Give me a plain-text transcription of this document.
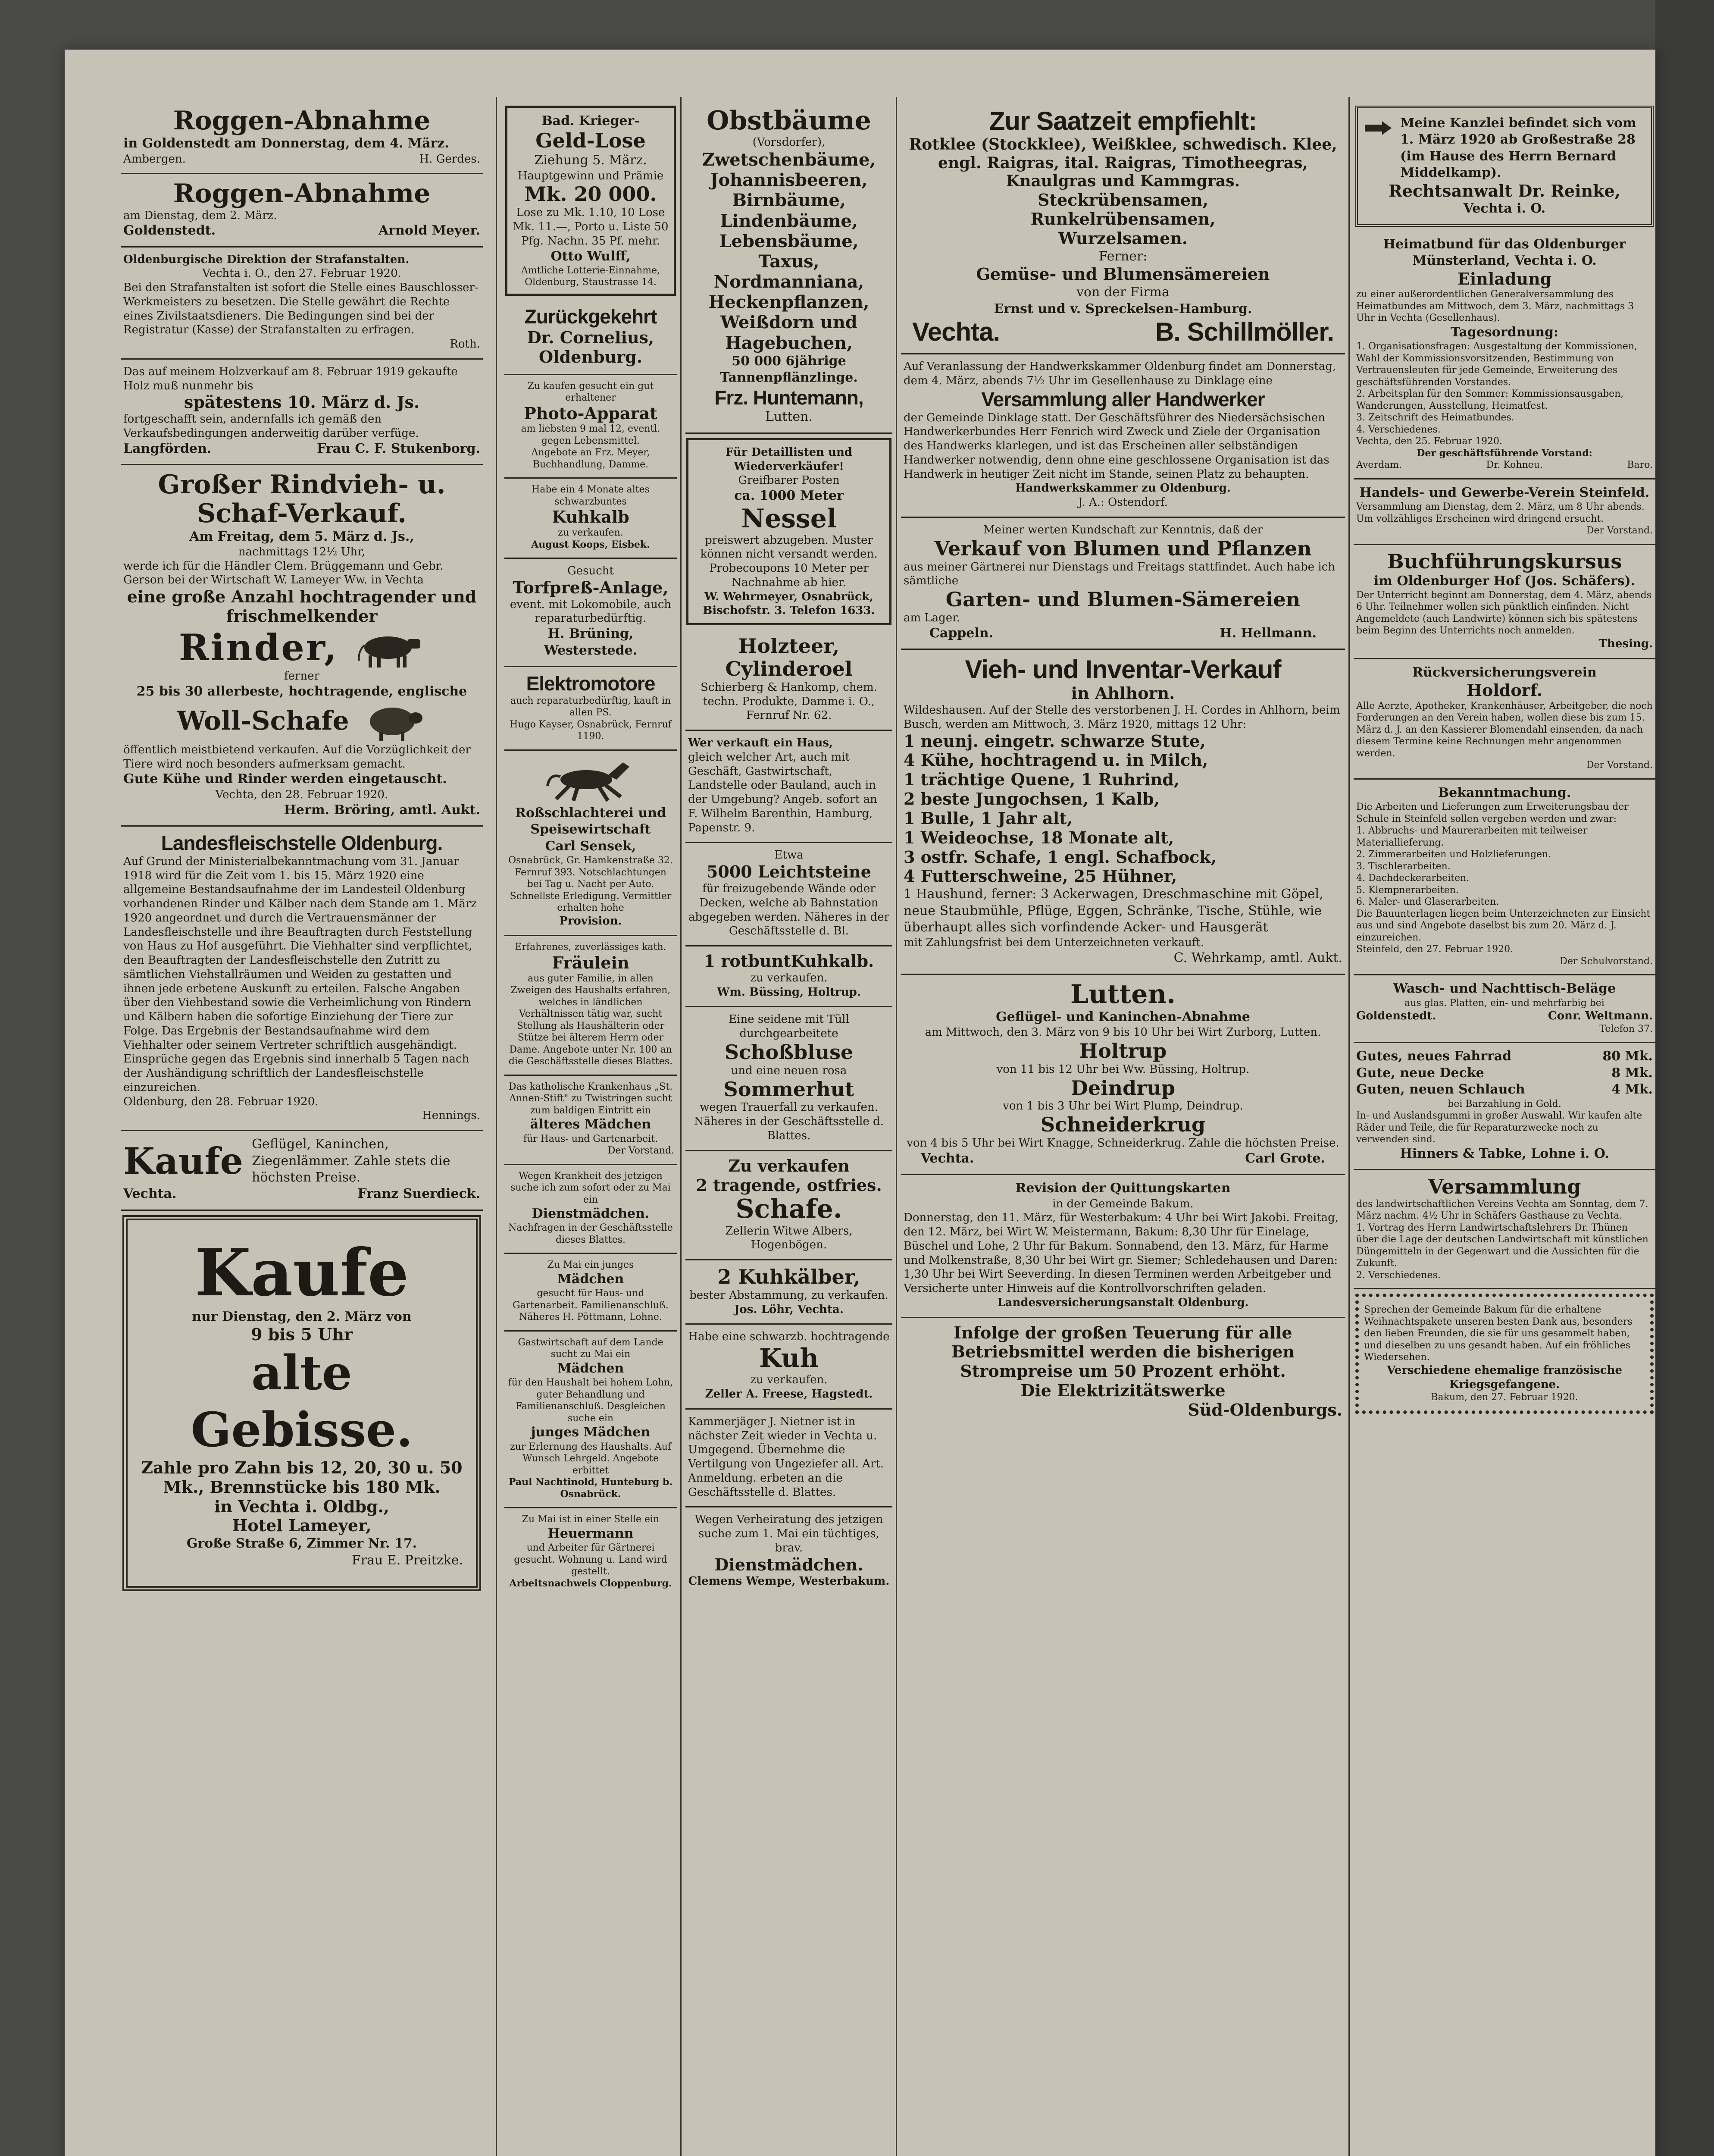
Roggen-Abnahme
in Goldenstedt am Donnerstag, dem 4. März.
Ambergen.	H. Gerdes.
Roggen-Abnahme
am Dienstag, dem 2. März.
Goldenstedt.	Arnold Meyer.
Oldenburgische Direktion der Strafanstalten.
Vechta i. O., den 27. Februar 1920.
Bei den Strafanstalten ist sofort die Stelle eines Bauschlosser-Werkmeisters zu besetzen. Die Stelle gewährt die Rechte eines Zivilstaatsdieners. Die Bedingungen sind bei der Registratur (Kasse) der Strafanstalten zu erfragen.
Roth.
Das auf meinem Holzverkauf am 8. Februar 1919 gekaufte Holz muß nunmehr bis
spätestens 10. März d. Js.
fortgeschafft sein, andernfalls ich gemäß den Verkaufsbedingungen anderweitig darüber verfüge.
Langförden.	Frau C. F. Stukenborg.
Großer Rindvieh- u.
Schaf-Verkauf.
Am Freitag, dem 5. März d. Js.,
nachmittags 12½ Uhr,
werde ich für die Händler Clem. Brüggemann und Gebr. Gerson bei der Wirtschaft W. Lameyer Ww. in Vechta
eine große Anzahl hochtragender und frischmelkender
Rinder,
ferner
25 bis 30 allerbeste, hochtragende, englische
Woll-Schafe
öffentlich meistbietend verkaufen. Auf die Vorzüglichkeit der Tiere wird noch besonders aufmerksam gemacht.
Gute Kühe und Rinder werden eingetauscht.
Vechta, den 28. Februar 1920.
Herm. Bröring, amtl. Aukt.
Landesfleischstelle Oldenburg.
Auf Grund der Ministerialbekanntmachung vom 31. Januar 1918 wird für die Zeit vom 1. bis 15. März 1920 eine allgemeine Bestandsaufnahme der im Landesteil Oldenburg vorhandenen Rinder und Kälber nach dem Stande am 1. März 1920 angeordnet und durch die Vertrauensmänner der Landesfleischstelle und ihre Beauftragten durch Feststellung von Haus zu Hof ausgeführt. Die Viehhalter sind verpflichtet, den Beauftragten der Landesfleischstelle den Zutritt zu sämtlichen Viehstallräumen und Weiden zu gestatten und ihnen jede erbetene Auskunft zu erteilen. Falsche Angaben über den Viehbestand sowie die Verheimlichung von Rindern und Kälbern haben die sofortige Einziehung der Tiere zur Folge. Das Ergebnis der Bestandsaufnahme wird dem Viehhalter oder seinem Vertreter schriftlich ausgehändigt. Einsprüche gegen das Ergebnis sind innerhalb 5 Tagen nach der Aushändigung schriftlich der Landesfleischstelle einzureichen.
Oldenburg, den 28. Februar 1920.
Hennings.
Kaufe Geflügel, Kaninchen, Ziegenlämmer. Zahle stets die höchsten Preise.
Vechta.	Franz Suerdieck.
Kaufe
nur Dienstag, den 2. März von
9 bis 5 Uhr
alte Gebisse.
Zahle pro Zahn bis 12, 20, 30 u. 50 Mk., Brennstücke bis 180 Mk.
in Vechta i. Oldbg.,
Hotel Lameyer,
Große Straße 6, Zimmer Nr. 17.
Frau E. Preitzke.
Bad. Krieger-
Geld-Lose
Ziehung 5. März.
Hauptgewinn und Prämie
Mk. 20 000.
Lose zu Mk. 1.10, 10 Lose Mk. 11.—, Porto u. Liste 50 Pfg. Nachn. 35 Pf. mehr.
Otto Wulff,
Amtliche Lotterie-Einnahme, Oldenburg, Staustrasse 14.
Zurückgekehrt
Dr. Cornelius,
Oldenburg.
Zu kaufen gesucht ein gut erhaltener
Photo-Apparat
am liebsten 9 mal 12, eventl. gegen Lebensmittel.
Angebote an Frz. Meyer, Buchhandlung, Damme.
Habe ein 4 Monate altes schwarzbuntes
Kuhkalb
zu verkaufen.
August Koops, Eisbek.
Gesucht
Torfpreß-Anlage,
event. mit Lokomobile, auch reparaturbedürftig.
H. Brüning,
Westerstede.
Elektromotore
auch reparaturbedürftig, kauft in allen PS.
Hugo Kayser, Osnabrück, Fernruf 1190.
Roßschlachterei und
Speisewirtschaft
Carl Sensek,
Osnabrück, Gr. Hamkenstraße 32. Fernruf 393. Notschlachtungen bei Tag u. Nacht per Auto. Schnellste Erledigung. Vermittler erhalten hohe
Provision.
Erfahrenes, zuverlässiges kath.
Fräulein
aus guter Familie, in allen Zweigen des Haushalts erfahren, welches in ländlichen Verhältnissen tätig war, sucht Stellung als Haushälterin oder Stütze bei älterem Herrn oder Dame. Angebote unter Nr. 100 an die Geschäftsstelle dieses Blattes.
Das katholische Krankenhaus „St. Annen-Stift" zu Twistringen sucht zum baldigen Eintritt ein
älteres Mädchen
für Haus- und Gartenarbeit.
Der Vorstand.
Wegen Krankheit des jetzigen suche ich zum sofort oder zu Mai ein
Dienstmädchen.
Nachfragen in der Geschäftsstelle dieses Blattes.
Zu Mai ein junges
Mädchen
gesucht für Haus- und Gartenarbeit. Familienanschluß.
Näheres H. Pöttmann, Lohne.
Gastwirtschaft auf dem Lande sucht zu Mai ein
Mädchen
für den Haushalt bei hohem Lohn, guter Behandlung und Familienanschluß. Desgleichen suche ein
junges Mädchen
zur Erlernung des Haushalts. Auf Wunsch Lehrgeld. Angebote erbittet
Paul Nachtinold, Hunteburg b. Osnabrück.
Zu Mai ist in einer Stelle ein
Heuermann
und Arbeiter für Gärtnerei gesucht. Wohnung u. Land wird gestellt.
Arbeitsnachweis Cloppenburg.
Obstbäume
(Vorsdorfer),
Zwetschenbäume, Johannisbeeren, Birnbäume, Lindenbäume, Lebensbäume, Taxus, Nordmanniana, Heckenpflanzen, Weißdorn und Hagebuchen,
50 000 6jährige Tannenpflänzlinge.
Frz. Huntemann,
Lutten.
Für Detaillisten und Wiederverkäufer!
Greifbarer Posten
ca. 1000 Meter
Nessel
preiswert abzugeben. Muster können nicht versandt werden. Probecoupons 10 Meter per Nachnahme ab hier.
W. Wehrmeyer, Osnabrück, Bischofstr. 3. Telefon 1633.
Holzteer,
Cylinderoel
Schierberg & Hankomp, chem. techn. Produkte, Damme i. O., Fernruf Nr. 62.
Wer verkauft ein Haus,
gleich welcher Art, auch mit Geschäft, Gastwirtschaft, Landstelle oder Bauland, auch in der Umgebung? Angeb. sofort an F. Wilhelm Barenthin, Hamburg, Papenstr. 9.
Etwa
5000 Leichtsteine
für freizugebende Wände oder Decken, welche ab Bahnstation abgegeben werden. Näheres in der Geschäftsstelle d. Bl.
1 rotbuntKuhkalb.
zu verkaufen.
Wm. Büssing, Holtrup.
Eine seidene mit Tüll durchgearbeitete
Schoßbluse
und eine neuen rosa
Sommerhut
wegen Trauerfall zu verkaufen.
Näheres in der Geschäftsstelle d. Blattes.
Zu verkaufen
2 tragende, ostfries.
Schafe.
Zellerin Witwe Albers, Hogenbögen.
2 Kuhkälber,
bester Abstammung, zu verkaufen.
Jos. Löhr, Vechta.
Habe eine schwarzb. hochtragende
Kuh
zu verkaufen.
Zeller A. Freese, Hagstedt.
Kammerjäger J. Nietner ist in nächster Zeit wieder in Vechta u. Umgegend. Übernehme die Vertilgung von Ungeziefer all. Art. Anmeldung. erbeten an die Geschäftsstelle d. Blattes.
Wegen Verheiratung des jetzigen suche zum 1. Mai ein tüchtiges, brav.
Dienstmädchen.
Clemens Wempe, Westerbakum.
Zur Saatzeit empfiehlt:
Rotklee (Stockklee), Weißklee, schwedisch. Klee, engl. Raigras, ital. Raigras, Timotheegras, Knaulgras und Kammgras.
Steckrübensamen,
Runkelrübensamen,
Wurzelsamen.
Ferner:
Gemüse- und Blumensämereien
von der Firma
Ernst und v. Spreckelsen-Hamburg.
Vechta.	B. Schillmöller.
Auf Veranlassung der Handwerkskammer Oldenburg findet am Donnerstag, dem 4. März, abends 7½ Uhr im Gesellenhause zu Dinklage eine
Versammlung aller Handwerker
der Gemeinde Dinklage statt. Der Geschäftsführer des Niedersächsischen Handwerkerbundes Herr Fenrich wird Zweck und Ziele der Organisation des Handwerks klarlegen, und ist das Erscheinen aller selbständigen Handwerker notwendig, denn ohne eine geschlossene Organisation ist das Handwerk in heutiger Zeit nicht im Stande, seinen Platz zu behaupten.
Handwerkskammer zu Oldenburg.
J. A.: Ostendorf.
Meiner werten Kundschaft zur Kenntnis, daß der
Verkauf von Blumen und Pflanzen
aus meiner Gärtnerei nur Dienstags und Freitags stattfindet. Auch habe ich sämtliche
Garten- und Blumen-Sämereien
am Lager.
Cappeln.	H. Hellmann.
Vieh- und Inventar-Verkauf
in Ahlhorn.
Wildeshausen. Auf der Stelle des verstorbenen J. H. Cordes in Ahlhorn, beim Busch, werden am Mittwoch, 3. März 1920, mittags 12 Uhr:
1 neunj. eingetr. schwarze Stute,
4 Kühe, hochtragend u. in Milch,
1 trächtige Quene, 1 Ruhrind,
2 beste Jungochsen, 1 Kalb,
1 Bulle, 1 Jahr alt,
1 Weideochse, 18 Monate alt,
3 ostfr. Schafe, 1 engl. Schafbock,
4 Futterschweine, 25 Hühner,
1 Haushund, ferner: 3 Ackerwagen, Dreschmaschine mit Göpel, neue Staubmühle, Pflüge, Eggen, Schränke, Tische, Stühle, wie überhaupt alles sich vorfindende Acker- und Hausgerät
mit Zahlungsfrist bei dem Unterzeichneten verkauft.
C. Wehrkamp, amtl. Aukt.
Lutten.
Geflügel- und Kaninchen-Abnahme
am Mittwoch, den 3. März von 9 bis 10 Uhr bei Wirt Zurborg, Lutten.
Holtrup
von 11 bis 12 Uhr bei Ww. Büssing, Holtrup.
Deindrup
von 1 bis 3 Uhr bei Wirt Plump, Deindrup.
Schneiderkrug
von 4 bis 5 Uhr bei Wirt Knagge, Schneiderkrug. Zahle die höchsten Preise.
Vechta.	Carl Grote.
Revision der Quittungskarten
in der Gemeinde Bakum.
Donnerstag, den 11. März, für Westerbakum: 4 Uhr bei Wirt Jakobi. Freitag, den 12. März, bei Wirt W. Meistermann, Bakum: 8,30 Uhr für Einelage, Büschel und Lohe, 2 Uhr für Bakum. Sonnabend, den 13. März, für Harme und Molkenstraße, 8,30 Uhr bei Wirt gr. Siemer; Schledehausen und Daren: 1,30 Uhr bei Wirt Seeverding. In diesen Terminen werden Arbeitgeber und Versicherte unter Hinweis auf die Kontrollvorschriften geladen.
Landesversicherungsanstalt Oldenburg.
Infolge der großen Teuerung für alle Betriebsmittel werden die bisherigen Strompreise um 50 Prozent erhöht.
Die Elektrizitätswerke
Süd-Oldenburgs.
Meine Kanzlei befindet sich vom 1. März 1920 ab Großestraße 28 (im Hause des Herrn Bernard Middelkamp).
Rechtsanwalt Dr. Reinke,
Vechta i. O.
Heimatbund für das Oldenburger Münsterland, Vechta i. O.
Einladung
zu einer außerordentlichen Generalversammlung des Heimatbundes am Mittwoch, dem 3. März, nachmittags 3 Uhr in Vechta (Gesellenhaus).
Tagesordnung:
1. Organisationsfragen: Ausgestaltung der Kommissionen, Wahl der Kommissionsvorsitzenden, Bestimmung von Vertrauensleuten für jede Gemeinde, Erweiterung des geschäftsführenden Vorstandes.
2. Arbeitsplan für den Sommer: Kommissionsausgaben, Wanderungen, Ausstellung, Heimatfest.
3. Zeitschrift des Heimatbundes.
4. Verschiedenes.
Vechta, den 25. Februar 1920.
Der geschäftsführende Vorstand:
Averdam.	Dr. Kohneu.	Baro.
Handels- und Gewerbe-Verein Steinfeld.
Versammlung am Dienstag, dem 2. März, um 8 Uhr abends.
Um vollzähliges Erscheinen wird dringend ersucht.
Der Vorstand.
Buchführungskursus
im Oldenburger Hof (Jos. Schäfers).
Der Unterricht beginnt am Donnerstag, dem 4. März, abends 6 Uhr. Teilnehmer wollen sich pünktlich einfinden. Nicht Angemeldete (auch Landwirte) können sich bis spätestens beim Beginn des Unterrichts noch anmelden.
Thesing.
Rückversicherungsverein
Holdorf.
Alle Aerzte, Apotheker, Krankenhäuser, Arbeitgeber, die noch Forderungen an den Verein haben, wollen diese bis zum 15. März d. J. an den Kassierer Blomendahl einsenden, da nach diesem Termine keine Rechnungen mehr angenommen werden.
Der Vorstand.
Bekanntmachung.
Die Arbeiten und Lieferungen zum Erweiterungsbau der Schule in Steinfeld sollen vergeben werden und zwar:
1. Abbruchs- und Maurerarbeiten mit teilweiser Materiallieferung.
2. Zimmerarbeiten und Holzlieferungen.
3. Tischlerarbeiten.
4. Dachdeckerarbeiten.
5. Klempnerarbeiten.
6. Maler- und Glaserarbeiten.
Die Bauunterlagen liegen beim Unterzeichneten zur Einsicht aus und sind Angebote daselbst bis zum 20. März d. J. einzureichen.
Steinfeld, den 27. Februar 1920.
Der Schulvorstand.
Wasch- und Nachttisch-Beläge
aus glas. Platten, ein- und mehrfarbig bei
Goldenstedt.	Conr. Weltmann.
Telefon 37.
Gutes, neues Fahrrad	80 Mk.
Gute, neue Decke	8 Mk.
Guten, neuen Schlauch	4 Mk.
bei Barzahlung in Gold.
In- und Auslandsgummi in großer Auswahl. Wir kaufen alte Räder und Teile, die für Reparaturzwecke noch zu verwenden sind.
Hinners & Tabke, Lohne i. O.
Versammlung
des landwirtschaftlichen Vereins Vechta am Sonntag, dem 7. März nachm. 4½ Uhr in Schäfers Gasthause zu Vechta.
1. Vortrag des Herrn Landwirtschaftslehrers Dr. Thünen über die Lage der deutschen Landwirtschaft mit künstlichen Düngemitteln in der Gegenwart und die Aussichten für die Zukunft.
2. Verschiedenes.
Sprechen der Gemeinde Bakum für die erhaltene Weihnachtspakete unseren besten Dank aus, besonders den lieben Freunden, die sie für uns gesammelt haben, und dieselben zu uns gesandt haben. Auf ein fröhliches Wiedersehen.
Verschiedene ehemalige französische Kriegsgefangene.
Bakum, den 27. Februar 1920.
